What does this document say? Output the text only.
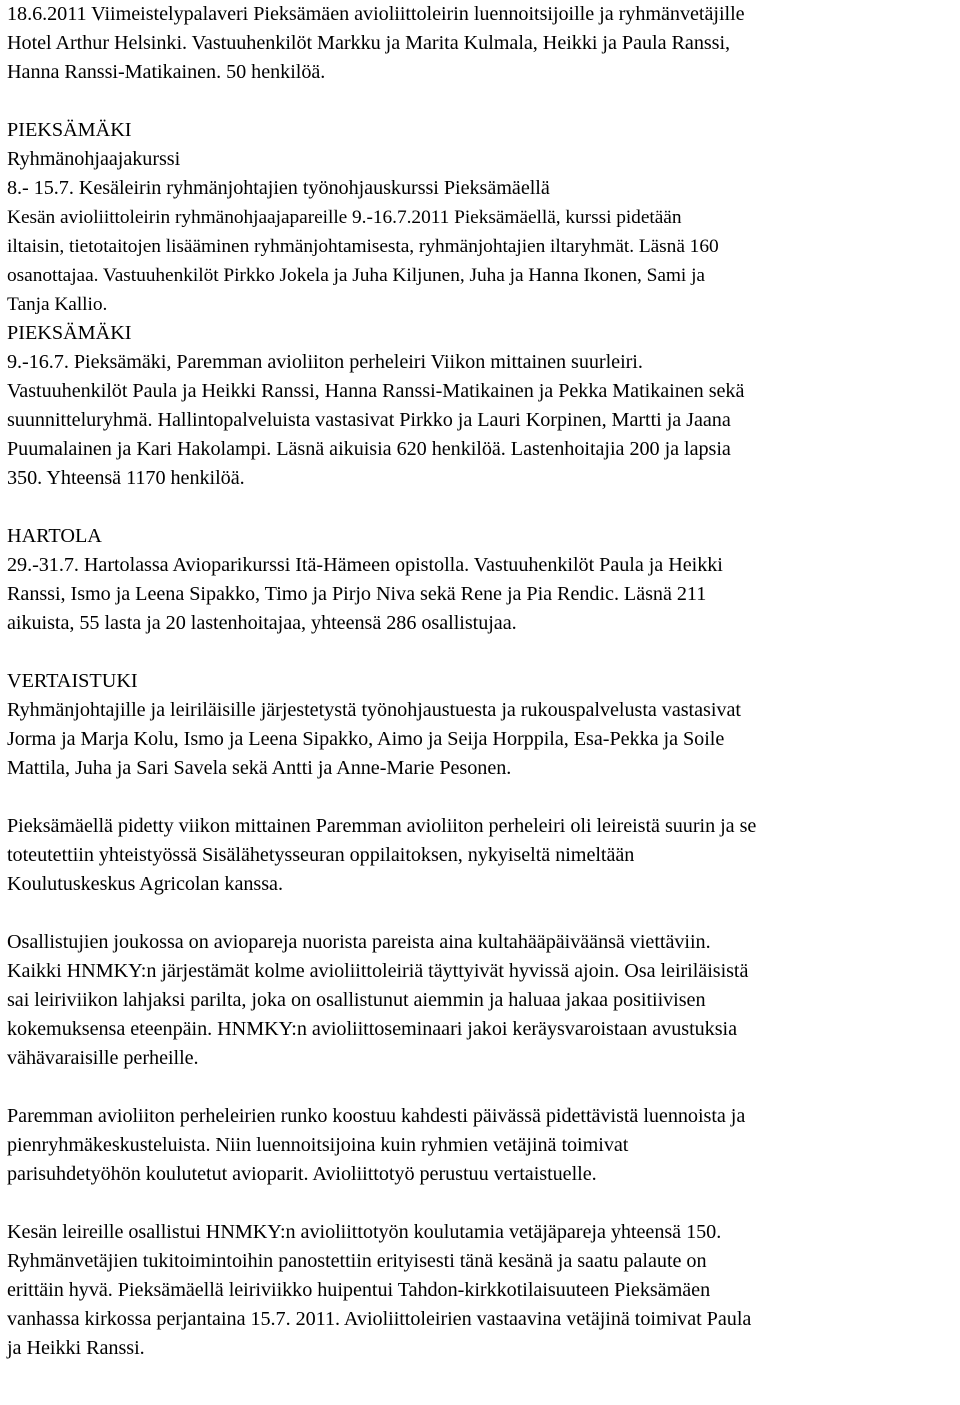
18.6.2011 Viimeistelypalaveri Pieksämäen avioliittoleirin luennoitsijoille ja ryhmänvetäjille
Hotel Arthur Helsinki. Vastuuhenkilöt Markku ja Marita Kulmala, Heikki ja Paula Ranssi,
Hanna Ranssi-Matikainen. 50 henkilöä.
PIEKSÄMÄKI
Ryhmänohjaajakurssi
8.- 15.7. Kesäleirin ryhmänjohtajien työnohjauskurssi Pieksämäellä
Kesän avioliittoleirin ryhmänohjaajapareille 9.-16.7.2011 Pieksämäellä, kurssi pidetään
iltaisin, tietotaitojen lisääminen ryhmänjohtamisesta, ryhmänjohtajien iltaryhmät. Läsnä 160
osanottajaa. Vastuuhenkilöt Pirkko Jokela ja Juha Kiljunen, Juha ja Hanna Ikonen, Sami ja
Tanja Kallio.
PIEKSÄMÄKI
9.-16.7. Pieksämäki, Paremman avioliiton perheleiri Viikon mittainen suurleiri.
Vastuuhenkilöt Paula ja Heikki Ranssi, Hanna Ranssi-Matikainen ja Pekka Matikainen sekä
suunnitteluryhmä. Hallintopalveluista vastasivat Pirkko ja Lauri Korpinen, Martti ja Jaana
Puumalainen ja Kari Hakolampi. Läsnä aikuisia 620 henkilöä. Lastenhoitajia 200 ja lapsia
350. Yhteensä 1170 henkilöä.
HARTOLA
29.-31.7. Hartolassa Avioparikurssi Itä-Hämeen opistolla. Vastuuhenkilöt Paula ja Heikki
Ranssi, Ismo ja Leena Sipakko, Timo ja Pirjo Niva sekä Rene ja Pia Rendic. Läsnä 211
aikuista, 55 lasta ja 20 lastenhoitajaa, yhteensä 286 osallistujaa.
VERTAISTUKI
Ryhmänjohtajille ja leiriläisille järjestetystä työnohjaustuesta ja rukouspalvelusta vastasivat
Jorma ja Marja Kolu, Ismo ja Leena Sipakko, Aimo ja Seija Horppila, Esa-Pekka ja Soile
Mattila, Juha ja Sari Savela sekä Antti ja Anne-Marie Pesonen.
Pieksämäellä pidetty viikon mittainen Paremman avioliiton perheleiri oli leireistä suurin ja se
toteutettiin yhteistyössä Sisälähetysseuran oppilaitoksen, nykyiseltä nimeltään
Koulutuskeskus Agricolan kanssa.
Osallistujien joukossa on aviopareja nuorista pareista aina kultahääpäiväänsä viettäviin.
Kaikki HNMKY:n järjestämät kolme avioliittoleiriä täyttyivät hyvissä ajoin. Osa leiriläisistä
sai leiriviikon lahjaksi parilta, joka on osallistunut aiemmin ja haluaa jakaa positiivisen
kokemuksensa eteenpäin. HNMKY:n avioliittoseminaari jakoi keräysvaroistaan avustuksia
vähävaraisille perheille.
Paremman avioliiton perheleirien runko koostuu kahdesti päivässä pidettävistä luennoista ja
pienryhmäkeskusteluista. Niin luennoitsijoina kuin ryhmien vetäjinä toimivat
parisuhdetyöhön koulutetut avioparit. Avioliittotyö perustuu vertaistuelle.
Kesän leireille osallistui HNMKY:n avioliittotyön koulutamia vetäjäpareja yhteensä 150.
Ryhmänvetäjien tukitoimintoihin panostettiin erityisesti tänä kesänä ja saatu palaute on
erittäin hyvä. Pieksämäellä leiriviikko huipentui Tahdon-kirkkotilaisuuteen Pieksämäen
vanhassa kirkossa perjantaina 15.7. 2011. Avioliittoleirien vastaavina vetäjinä toimivat Paula
ja Heikki Ranssi.
